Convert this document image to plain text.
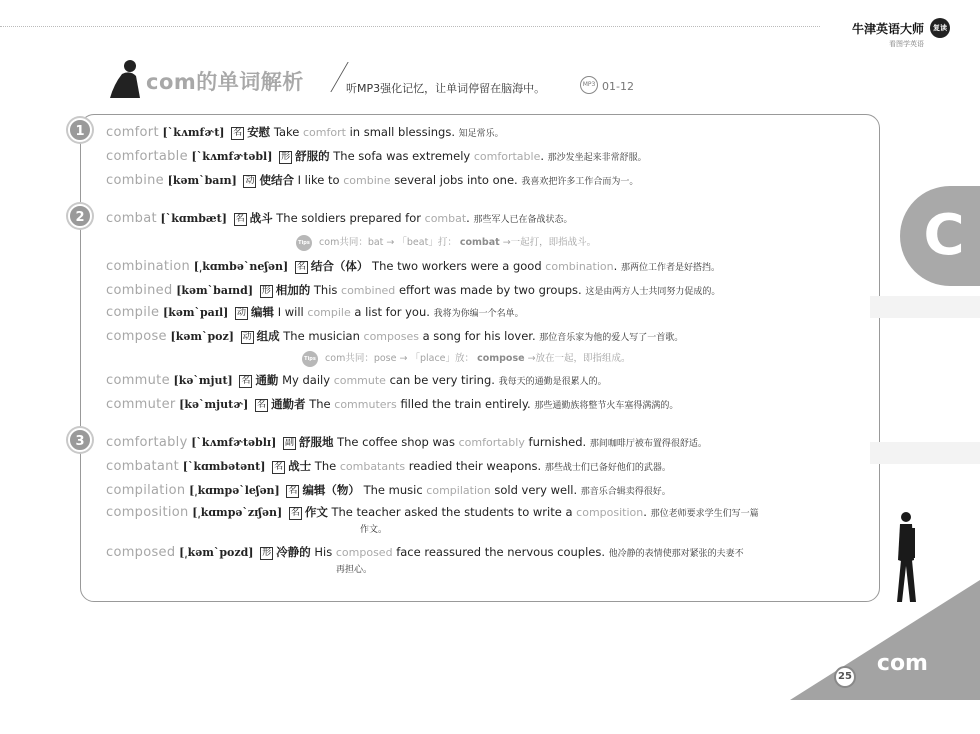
牛津英语大师
看图学英语
复读
com的单词解析	听MP3强化记忆，让单词停留在脑海中。	MP3 01-12
1
2
3
comfort [ˋkʌmfɚt] 名 安慰 Take comfort in small blessings. 知足常乐。
comfortable [ˋkʌmfɚtəbl] 形 舒服的 The sofa was extremely comfortable. 那沙发坐起来非常舒服。
combine [kəmˋbaɪn] 动 使结合 I like to combine several jobs into one. 我喜欢把许多工作合而为一。
combat [ˋkɑmbæt] 名 战斗 The soldiers prepared for combat. 那些军人已在备战状态。
Tips com共同：bat → 「beat」打： combat →一起打，即指战斗。
combination [͵kɑmbəˋneʃən] 名 结合（体） The two workers were a good combination. 那两位工作者是好搭挡。
combined [kəmˋbaɪnd] 形 相加的 This combined effort was made by two groups. 这是由两方人士共同努力促成的。
compile [kəmˋpaɪl] 动 编辑 I will compile a list for you. 我将为你编一个名单。
compose [kəmˋpoz] 动 组成 The musician composes a song for his lover. 那位音乐家为他的爱人写了一首歌。
Tips com共同：pose → 「place」放： compose →放在一起，即指组成。
commute [kəˋmjut] 名 通勤 My daily commute can be very tiring. 我每天的通勤是很累人的。
commuter [kəˋmjutɚ] 名 通勤者 The commuters filled the train entirely. 那些通勤族将整节火车塞得满满的。
comfortably [ˋkʌmfɚtəblɪ] 副 舒服地 The coffee shop was comfortably furnished. 那间咖啡厅被布置得很舒适。
combatant [ˋkɑmbətənt] 名 战士 The combatants readied their weapons. 那些战士们已备好他们的武器。
compilation [͵kɑmpəˋleʃən] 名 编辑（物） The music compilation sold very well. 那音乐合辑卖得很好。
composition [͵kɑmpəˋzɪʃən] 名 作文 The teacher asked the students to write a composition. 那位老师要求学生们写一篇
作文。
composed [͵kəmˋpozd] 形 冷静的 His composed face reassured the nervous couples. 他冷静的表情使那对紧张的夫妻不
再担心。
C
com
25
